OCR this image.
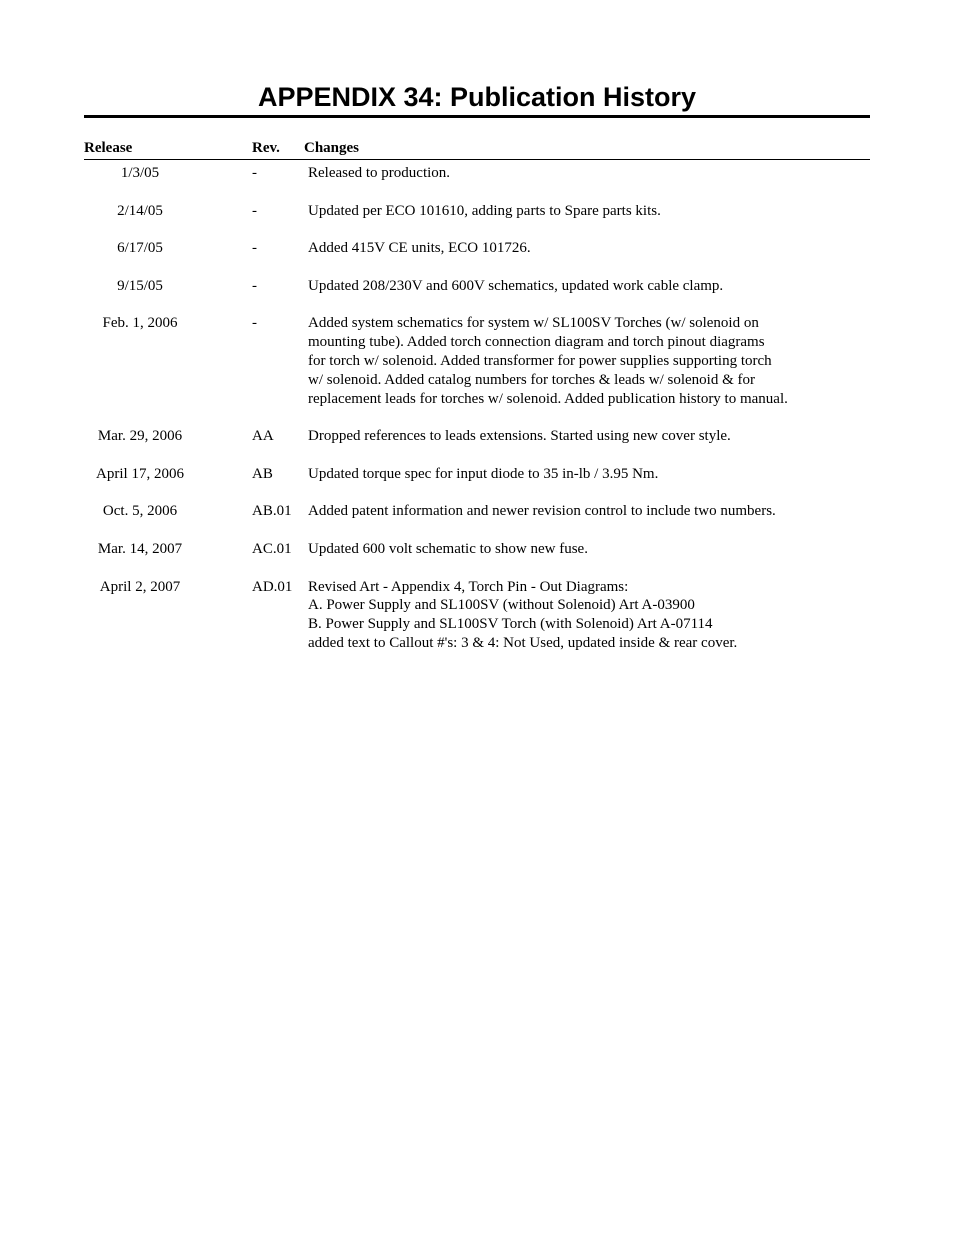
APPENDIX 34: Publication History
Release	Rev. Changes
1/3/05	-	Released to production.
2/14/05	-	Updated per ECO 101610, adding parts to Spare parts kits.
6/17/05	-	Added 415V CE units, ECO 101726.
9/15/05	-	Updated 208/230V and 600V schematics, updated work cable clamp.
Feb. 1, 2006	-	Added system schematics for system w/ SL100SV Torches (w/ solenoid on
mounting tube). Added torch connection diagram and torch pinout diagrams
for torch w/ solenoid. Added transformer for power supplies supporting torch
w/ solenoid. Added catalog numbers for torches & leads w/ solenoid & for
replacement leads for torches w/ solenoid. Added publication history to manual.
Mar. 29, 2006	AA	Dropped references to leads extensions. Started using new cover style.
April 17, 2006	AB	Updated torque spec for input diode to 35 in-lb / 3.95 Nm.
Oct. 5, 2006	AB.01	Added patent information and newer revision control to include two numbers.
Mar. 14, 2007	AC.01	Updated 600 volt schematic to show new fuse.
April 2, 2007	AD.01	Revised Art - Appendix 4, Torch Pin - Out Diagrams:
A. Power Supply and SL100SV (without Solenoid) Art A-03900
B. Power Supply and SL100SV Torch (with Solenoid) Art A-07114
added text to Callout #'s: 3 & 4: Not Used, updated inside & rear cover.
